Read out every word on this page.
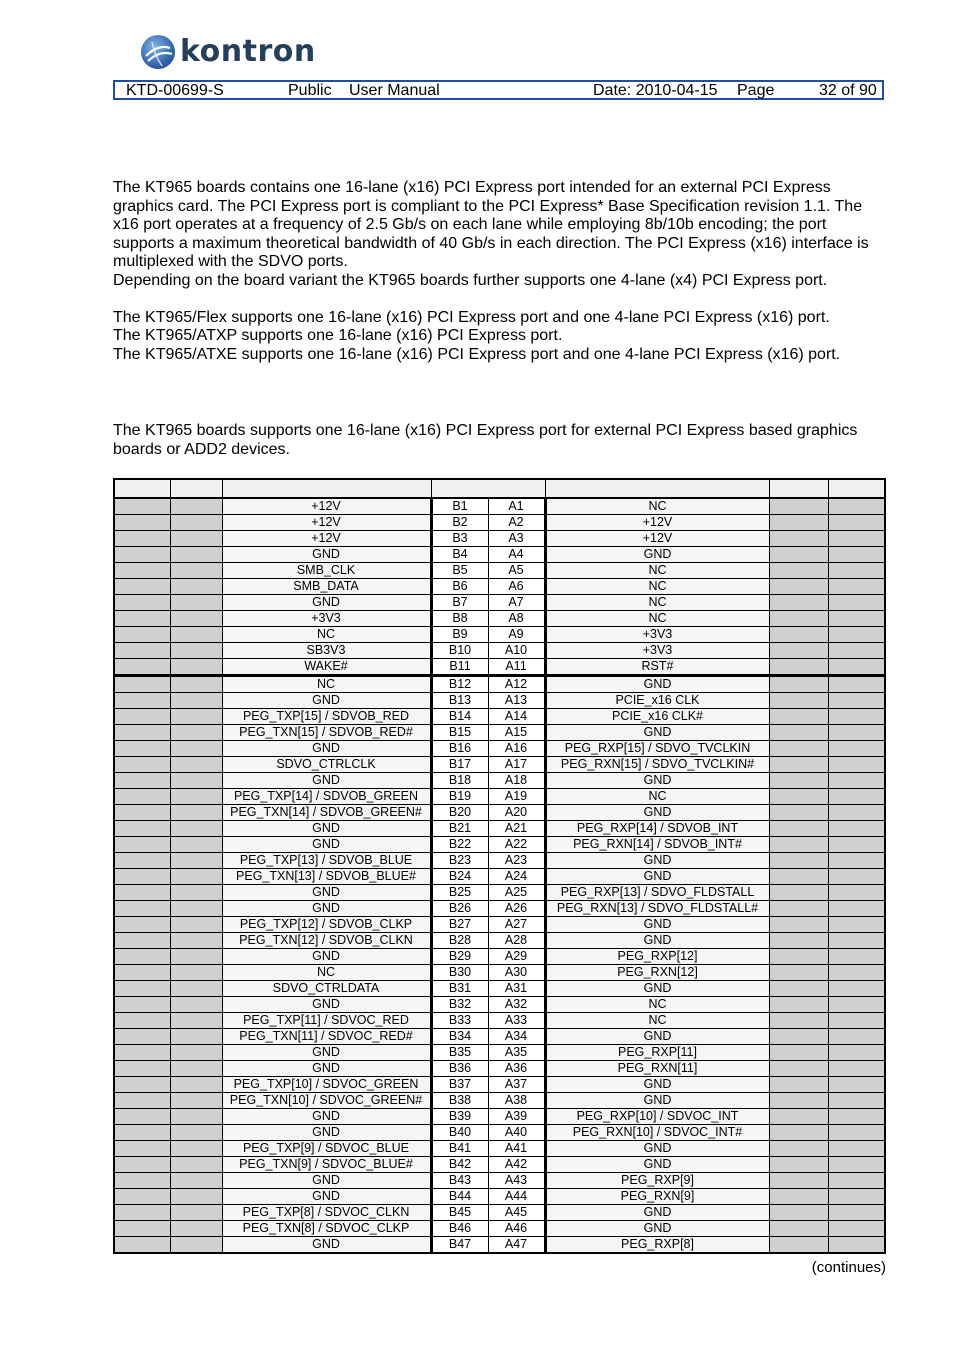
kontron
KTD-00699-S	Public User Manual	Date: 2010-04-15 Page	32 of 90

The KT965 boards contains one 16-lane (x16) PCI Express port intended for an external PCI Express graphics card. The PCI Express port is compliant to the PCI Express* Base Specification revision 1.1. The x16 port operates at a frequency of 2.5 Gb/s on each lane while employing 8b/10b encoding; the port supports a maximum theoretical bandwidth of 40 Gb/s in each direction. The PCI Express (x16) interface is multiplexed with the SDVO ports.

Depending on the board variant the KT965 boards further supports one 4-lane (x4) PCI Express port.

The KT965/Flex supports one 16-lane (x16) PCI Express port and one 4-lane PCI Express (x16) port.

The KT965/ATXP supports one 16-lane (x16) PCI Express port.

The KT965/ATXE supports one 16-lane (x16) PCI Express port and one 4-lane PCI Express (x16) port.

The KT965 boards supports one 16-lane (x16) PCI Express port for external PCI Express based graphics boards or ADD2 devices.

		+12V	B1	A1	NC		
		+12V	B2	A2	+12V		
		+12V	B3	A3	+12V		
		GND	B4	A4	GND		
		SMB_CLK	B5	A5	NC		
		SMB_DATA	B6	A6	NC		
		GND	B7	A7	NC		
		+3V3	B8	A8	NC		
		NC	B9	A9	+3V3		
		SB3V3	B10	A10	+3V3		
		WAKE#	B11	A11	RST#		
		NC	B12	A12	GND		
		GND	B13	A13	PCIE_x16 CLK		
		PEG_TXP[15] / SDVOB_RED	B14	A14	PCIE_x16 CLK#		
		PEG_TXN[15] / SDVOB_RED#	B15	A15	GND		
		GND	B16	A16	PEG_RXP[15] / SDVO_TVCLKIN		
		SDVO_CTRLCLK	B17	A17	PEG_RXN[15] / SDVO_TVCLKIN#		
		GND	B18	A18	GND		
		PEG_TXP[14] / SDVOB_GREEN	B19	A19	NC		
		PEG_TXN[14] / SDVOB_GREEN#	B20	A20	GND		
		GND	B21	A21	PEG_RXP[14] / SDVOB_INT		
		GND	B22	A22	PEG_RXN[14] / SDVOB_INT#		
		PEG_TXP[13] / SDVOB_BLUE	B23	A23	GND		
		PEG_TXN[13] / SDVOB_BLUE#	B24	A24	GND		
		GND	B25	A25	PEG_RXP[13] / SDVO_FLDSTALL		
		GND	B26	A26	PEG_RXN[13] / SDVO_FLDSTALL#		
		PEG_TXP[12] / SDVOB_CLKP	B27	A27	GND		
		PEG_TXN[12] / SDVOB_CLKN	B28	A28	GND		
		GND	B29	A29	PEG_RXP[12]		
		NC	B30	A30	PEG_RXN[12]		
		SDVO_CTRLDATA	B31	A31	GND		
		GND	B32	A32	NC		
		PEG_TXP[11] / SDVOC_RED	B33	A33	NC		
		PEG_TXN[11] / SDVOC_RED#	B34	A34	GND		
		GND	B35	A35	PEG_RXP[11]		
		GND	B36	A36	PEG_RXN[11]		
		PEG_TXP[10] / SDVOC_GREEN	B37	A37	GND		
		PEG_TXN[10] / SDVOC_GREEN#	B38	A38	GND		
		GND	B39	A39	PEG_RXP[10] / SDVOC_INT		
		GND	B40	A40	PEG_RXN[10] / SDVOC_INT#		
		PEG_TXP[9] / SDVOC_BLUE	B41	A41	GND		
		PEG_TXN[9] / SDVOC_BLUE#	B42	A42	GND		
		GND	B43	A43	PEG_RXP[9]		
		GND	B44	A44	PEG_RXN[9]		
		PEG_TXP[8] / SDVOC_CLKN	B45	A45	GND		
		PEG_TXN[8] / SDVOC_CLKP	B46	A46	GND		
		GND	B47	A47	PEG_RXP[8]		
(continues)
